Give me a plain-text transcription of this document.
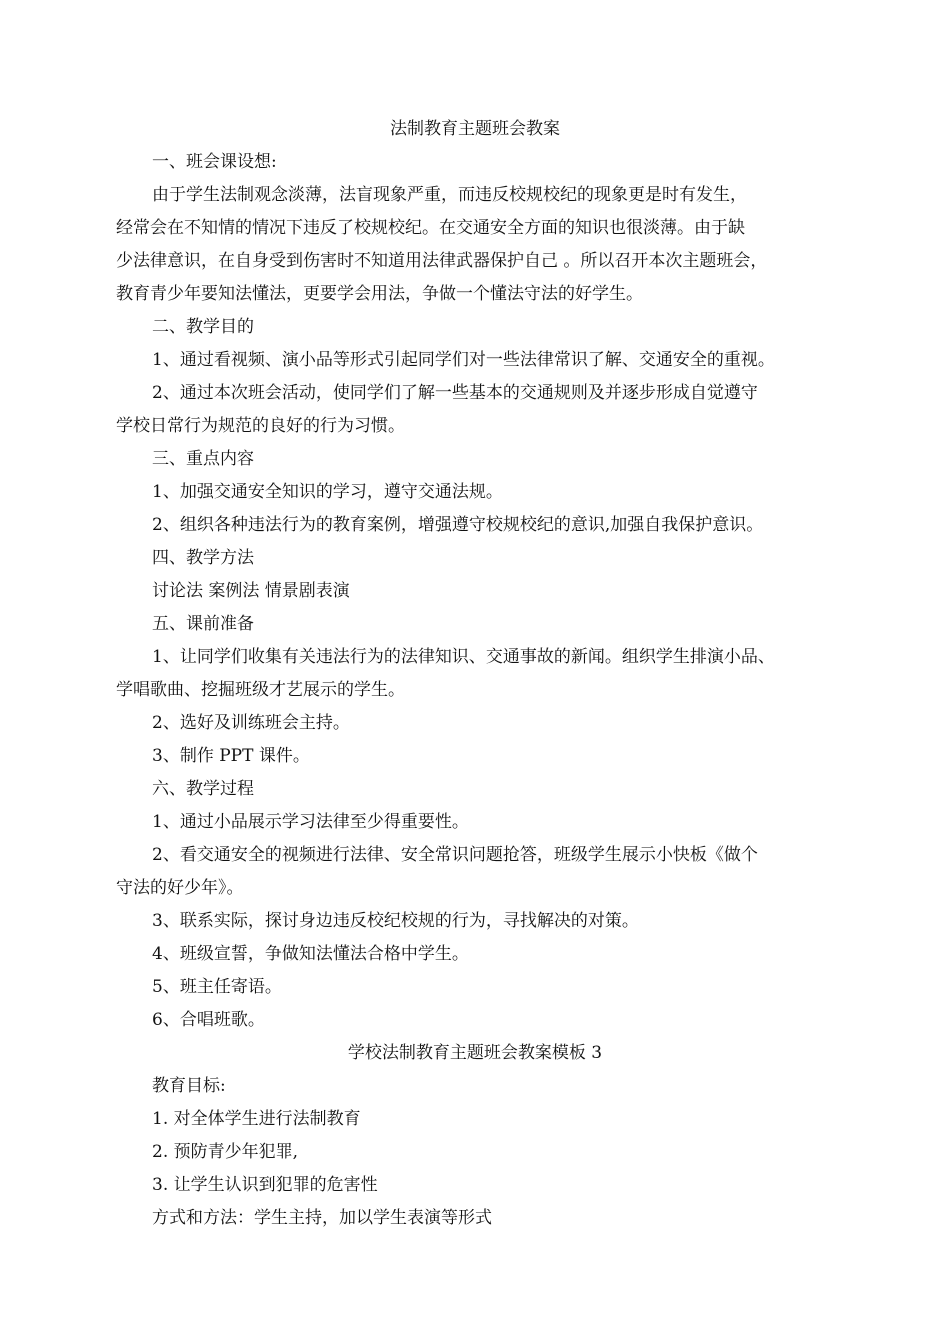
法制教育主题班会教案
一、班会课设想:
由于学生法制观念淡薄，法盲现象严重，而违反校规校纪的现象更是时有发生，
经常会在不知情的情况下违反了校规校纪。在交通安全方面的知识也很淡薄。由于缺
少法律意识，在自身受到伤害时不知道用法律武器保护自己 。所以召开本次主题班会，
教育青少年要知法懂法，更要学会用法，争做一个懂法守法的好学生。
二、教学目的
1、通过看视频、演小品等形式引起同学们对一些法律常识了解、交通安全的重视。
2、通过本次班会活动，使同学们了解一些基本的交通规则及并逐步形成自觉遵守
学校日常行为规范的良好的行为习惯。
三、重点内容
1、加强交通安全知识的学习，遵守交通法规。
2、组织各种违法行为的教育案例，增强遵守校规校纪的意识,加强自我保护意识。
四、教学方法
讨论法 案例法 情景剧表演
五、课前准备
1、让同学们收集有关违法行为的法律知识、交通事故的新闻。组织学生排演小品、
学唱歌曲、挖掘班级才艺展示的学生。
2、选好及训练班会主持。
3、制作 PPT 课件。
六、教学过程
1、通过小品展示学习法律至少得重要性。
2、看交通安全的视频进行法律、安全常识问题抢答，班级学生展示小快板《做个
守法的好少年》。
3、联系实际，探讨身边违反校纪校规的行为，寻找解决的对策。
4、班级宣誓，争做知法懂法合格中学生。
5、班主任寄语。
6、合唱班歌。
学校法制教育主题班会教案模板 3
教育目标:
1. 对全体学生进行法制教育
2. 预防青少年犯罪,
3. 让学生认识到犯罪的危害性
方式和方法：学生主持，加以学生表演等形式
